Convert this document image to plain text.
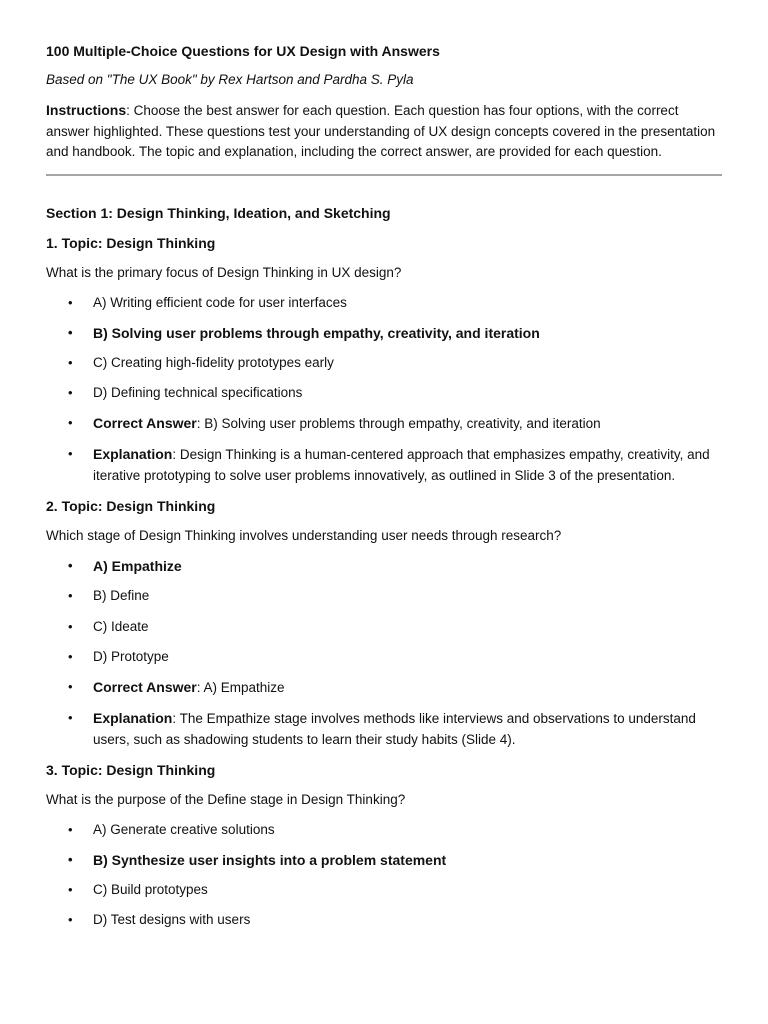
100 Multiple-Choice Questions for UX Design with Answers
Based on "The UX Book" by Rex Hartson and Pardha S. Pyla
Instructions: Choose the best answer for each question. Each question has four options, with the correct answer highlighted. These questions test your understanding of UX design concepts covered in the presentation and handbook. The topic and explanation, including the correct answer, are provided for each question.
Section 1: Design Thinking, Ideation, and Sketching
1. Topic: Design Thinking
What is the primary focus of Design Thinking in UX design?
• A) Writing efficient code for user interfaces
• B) Solving user problems through empathy, creativity, and iteration
• C) Creating high-fidelity prototypes early
• D) Defining technical specifications
• Correct Answer: B) Solving user problems through empathy, creativity, and iteration
• Explanation: Design Thinking is a human-centered approach that emphasizes empathy, creativity, and iterative prototyping to solve user problems innovatively, as outlined in Slide 3 of the presentation.
2. Topic: Design Thinking
Which stage of Design Thinking involves understanding user needs through research?
• A) Empathize
• B) Define
• C) Ideate
• D) Prototype
• Correct Answer: A) Empathize
• Explanation: The Empathize stage involves methods like interviews and observations to understand users, such as shadowing students to learn their study habits (Slide 4).
3. Topic: Design Thinking
What is the purpose of the Define stage in Design Thinking?
• A) Generate creative solutions
• B) Synthesize user insights into a problem statement
• C) Build prototypes
• D) Test designs with users
